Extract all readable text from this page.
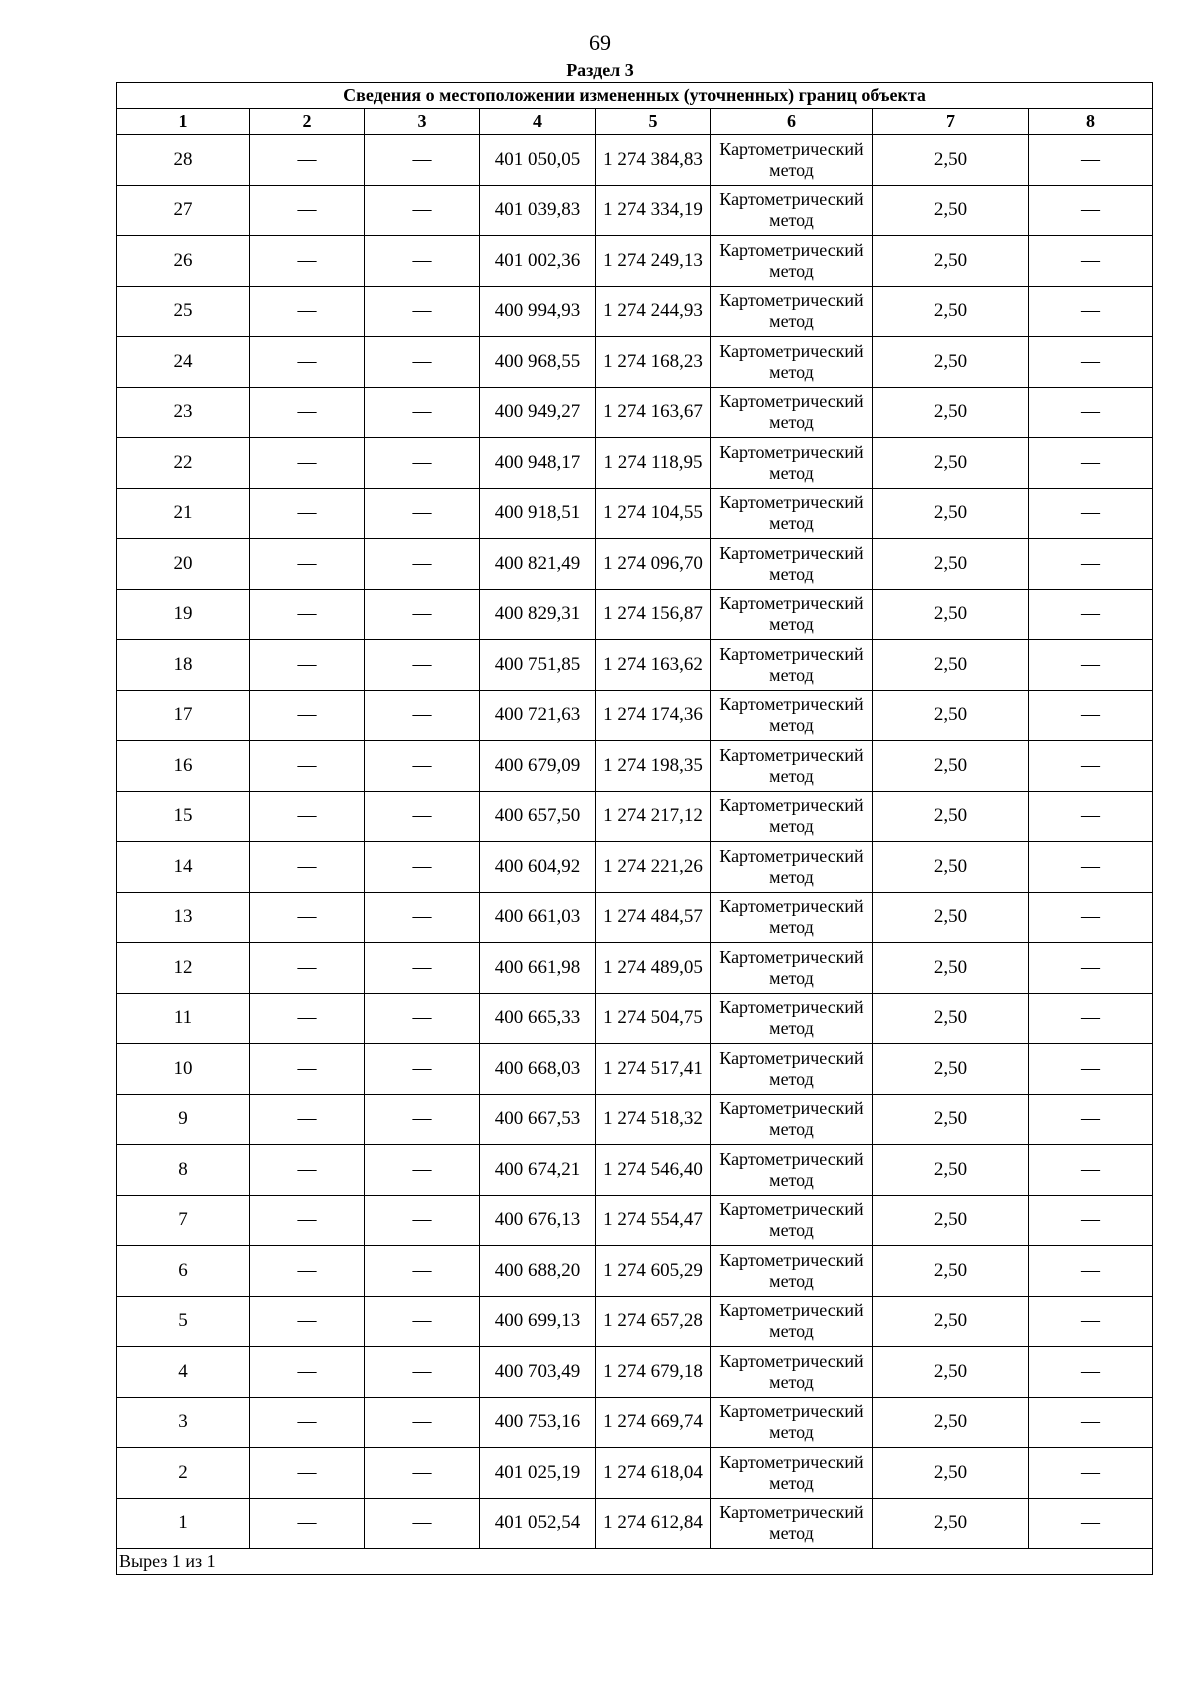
69
Раздел 3
Сведения о местоположении измененных (уточненных) границ объекта							
1	2	3	4	5	6	7	8
28	—	—	401 050,05	1 274 384,83	Картометрический метод	2,50	—
27	—	—	401 039,83	1 274 334,19	Картометрический метод	2,50	—
26	—	—	401 002,36	1 274 249,13	Картометрический метод	2,50	—
25	—	—	400 994,93	1 274 244,93	Картометрический метод	2,50	—
24	—	—	400 968,55	1 274 168,23	Картометрический метод	2,50	—
23	—	—	400 949,27	1 274 163,67	Картометрический метод	2,50	—
22	—	—	400 948,17	1 274 118,95	Картометрический метод	2,50	—
21	—	—	400 918,51	1 274 104,55	Картометрический метод	2,50	—
20	—	—	400 821,49	1 274 096,70	Картометрический метод	2,50	—
19	—	—	400 829,31	1 274 156,87	Картометрический метод	2,50	—
18	—	—	400 751,85	1 274 163,62	Картометрический метод	2,50	—
17	—	—	400 721,63	1 274 174,36	Картометрический метод	2,50	—
16	—	—	400 679,09	1 274 198,35	Картометрический метод	2,50	—
15	—	—	400 657,50	1 274 217,12	Картометрический метод	2,50	—
14	—	—	400 604,92	1 274 221,26	Картометрический метод	2,50	—
13	—	—	400 661,03	1 274 484,57	Картометрический метод	2,50	—
12	—	—	400 661,98	1 274 489,05	Картометрический метод	2,50	—
11	—	—	400 665,33	1 274 504,75	Картометрический метод	2,50	—
10	—	—	400 668,03	1 274 517,41	Картометрический метод	2,50	—
9	—	—	400 667,53	1 274 518,32	Картометрический метод	2,50	—
8	—	—	400 674,21	1 274 546,40	Картометрический метод	2,50	—
7	—	—	400 676,13	1 274 554,47	Картометрический метод	2,50	—
6	—	—	400 688,20	1 274 605,29	Картометрический метод	2,50	—
5	—	—	400 699,13	1 274 657,28	Картометрический метод	2,50	—
4	—	—	400 703,49	1 274 679,18	Картометрический метод	2,50	—
3	—	—	400 753,16	1 274 669,74	Картометрический метод	2,50	—
2	—	—	401 025,19	1 274 618,04	Картометрический метод	2,50	—
1	—	—	401 052,54	1 274 612,84	Картометрический метод	2,50	—
Вырез 1 из 1							
